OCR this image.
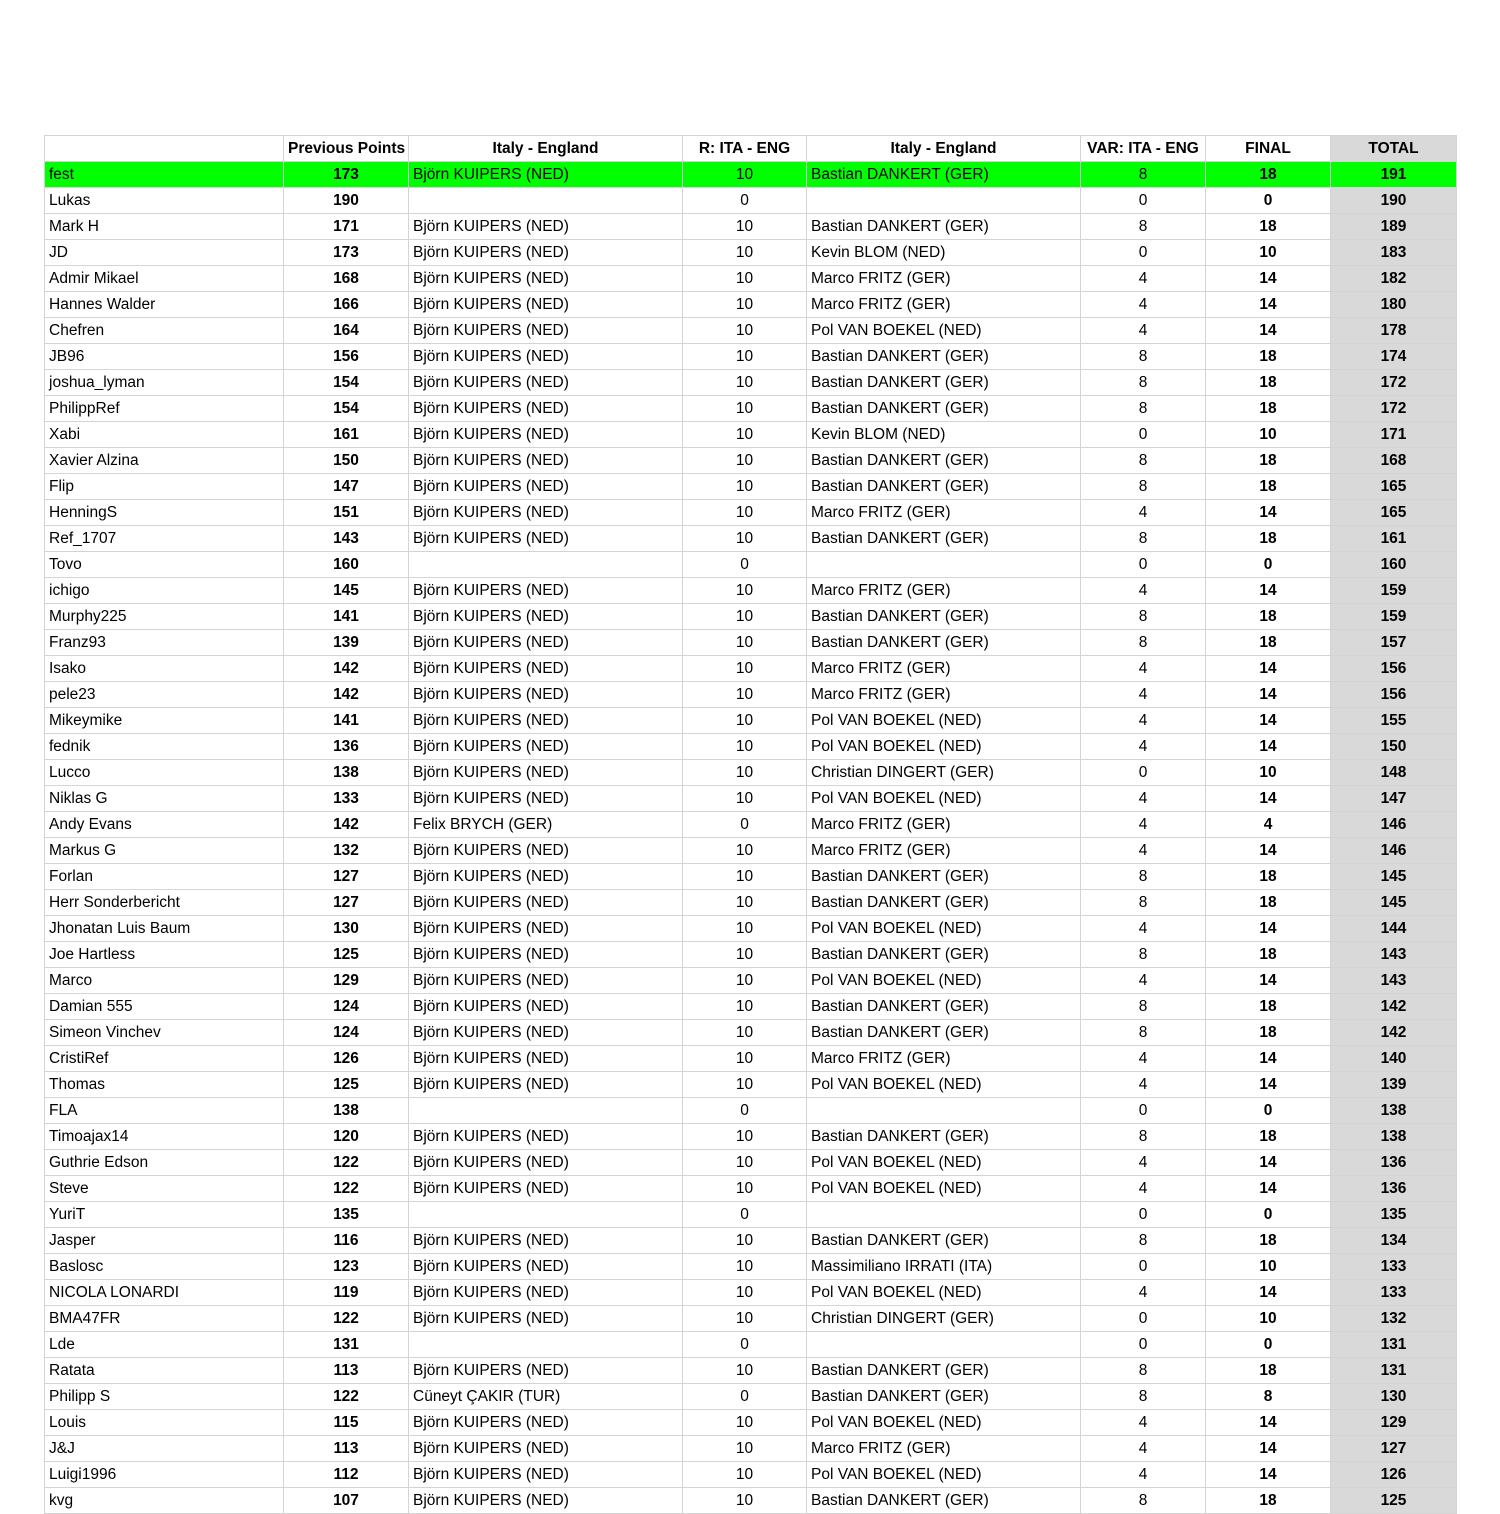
	Previous Points	Italy - England	R: ITA - ENG	Italy - England	VAR: ITA - ENG	FINAL	TOTAL
fest	173	Björn KUIPERS (NED)	10	Bastian DANKERT (GER)	8	18	191
Lukas	190		0		0	0	190
Mark H	171	Björn KUIPERS (NED)	10	Bastian DANKERT (GER)	8	18	189
JD	173	Björn KUIPERS (NED)	10	Kevin BLOM (NED)	0	10	183
Admir Mikael	168	Björn KUIPERS (NED)	10	Marco FRITZ (GER)	4	14	182
Hannes Walder	166	Björn KUIPERS (NED)	10	Marco FRITZ (GER)	4	14	180
Chefren	164	Björn KUIPERS (NED)	10	Pol VAN BOEKEL (NED)	4	14	178
JB96	156	Björn KUIPERS (NED)	10	Bastian DANKERT (GER)	8	18	174
joshua_lyman	154	Björn KUIPERS (NED)	10	Bastian DANKERT (GER)	8	18	172
PhilippRef	154	Björn KUIPERS (NED)	10	Bastian DANKERT (GER)	8	18	172
Xabi	161	Björn KUIPERS (NED)	10	Kevin BLOM (NED)	0	10	171
Xavier Alzina	150	Björn KUIPERS (NED)	10	Bastian DANKERT (GER)	8	18	168
Flip	147	Björn KUIPERS (NED)	10	Bastian DANKERT (GER)	8	18	165
HenningS	151	Björn KUIPERS (NED)	10	Marco FRITZ (GER)	4	14	165
Ref_1707	143	Björn KUIPERS (NED)	10	Bastian DANKERT (GER)	8	18	161
Tovo	160		0		0	0	160
ichigo	145	Björn KUIPERS (NED)	10	Marco FRITZ (GER)	4	14	159
Murphy225	141	Björn KUIPERS (NED)	10	Bastian DANKERT (GER)	8	18	159
Franz93	139	Björn KUIPERS (NED)	10	Bastian DANKERT (GER)	8	18	157
Isako	142	Björn KUIPERS (NED)	10	Marco FRITZ (GER)	4	14	156
pele23	142	Björn KUIPERS (NED)	10	Marco FRITZ (GER)	4	14	156
Mikeymike	141	Björn KUIPERS (NED)	10	Pol VAN BOEKEL (NED)	4	14	155
fednik	136	Björn KUIPERS (NED)	10	Pol VAN BOEKEL (NED)	4	14	150
Lucco	138	Björn KUIPERS (NED)	10	Christian DINGERT (GER)	0	10	148
Niklas G	133	Björn KUIPERS (NED)	10	Pol VAN BOEKEL (NED)	4	14	147
Andy Evans	142	Felix BRYCH (GER)	0	Marco FRITZ (GER)	4	4	146
Markus G	132	Björn KUIPERS (NED)	10	Marco FRITZ (GER)	4	14	146
Forlan	127	Björn KUIPERS (NED)	10	Bastian DANKERT (GER)	8	18	145
Herr Sonderbericht	127	Björn KUIPERS (NED)	10	Bastian DANKERT (GER)	8	18	145
Jhonatan Luis Baum	130	Björn KUIPERS (NED)	10	Pol VAN BOEKEL (NED)	4	14	144
Joe Hartless	125	Björn KUIPERS (NED)	10	Bastian DANKERT (GER)	8	18	143
Marco	129	Björn KUIPERS (NED)	10	Pol VAN BOEKEL (NED)	4	14	143
Damian 555	124	Björn KUIPERS (NED)	10	Bastian DANKERT (GER)	8	18	142
Simeon Vinchev	124	Björn KUIPERS (NED)	10	Bastian DANKERT (GER)	8	18	142
CristiRef	126	Björn KUIPERS (NED)	10	Marco FRITZ (GER)	4	14	140
Thomas	125	Björn KUIPERS (NED)	10	Pol VAN BOEKEL (NED)	4	14	139
FLA	138		0		0	0	138
Timoajax14	120	Björn KUIPERS (NED)	10	Bastian DANKERT (GER)	8	18	138
Guthrie Edson	122	Björn KUIPERS (NED)	10	Pol VAN BOEKEL (NED)	4	14	136
Steve	122	Björn KUIPERS (NED)	10	Pol VAN BOEKEL (NED)	4	14	136
YuriT	135		0		0	0	135
Jasper	116	Björn KUIPERS (NED)	10	Bastian DANKERT (GER)	8	18	134
Baslosc	123	Björn KUIPERS (NED)	10	Massimiliano IRRATI (ITA)	0	10	133
NICOLA LONARDI	119	Björn KUIPERS (NED)	10	Pol VAN BOEKEL (NED)	4	14	133
BMA47FR	122	Björn KUIPERS (NED)	10	Christian DINGERT (GER)	0	10	132
Lde	131		0		0	0	131
Ratata	113	Björn KUIPERS (NED)	10	Bastian DANKERT (GER)	8	18	131
Philipp S	122	Cüneyt ÇAKIR (TUR)	0	Bastian DANKERT (GER)	8	8	130
Louis	115	Björn KUIPERS (NED)	10	Pol VAN BOEKEL (NED)	4	14	129
J&J	113	Björn KUIPERS (NED)	10	Marco FRITZ (GER)	4	14	127
Luigi1996	112	Björn KUIPERS (NED)	10	Pol VAN BOEKEL (NED)	4	14	126
kvg	107	Björn KUIPERS (NED)	10	Bastian DANKERT (GER)	8	18	125
